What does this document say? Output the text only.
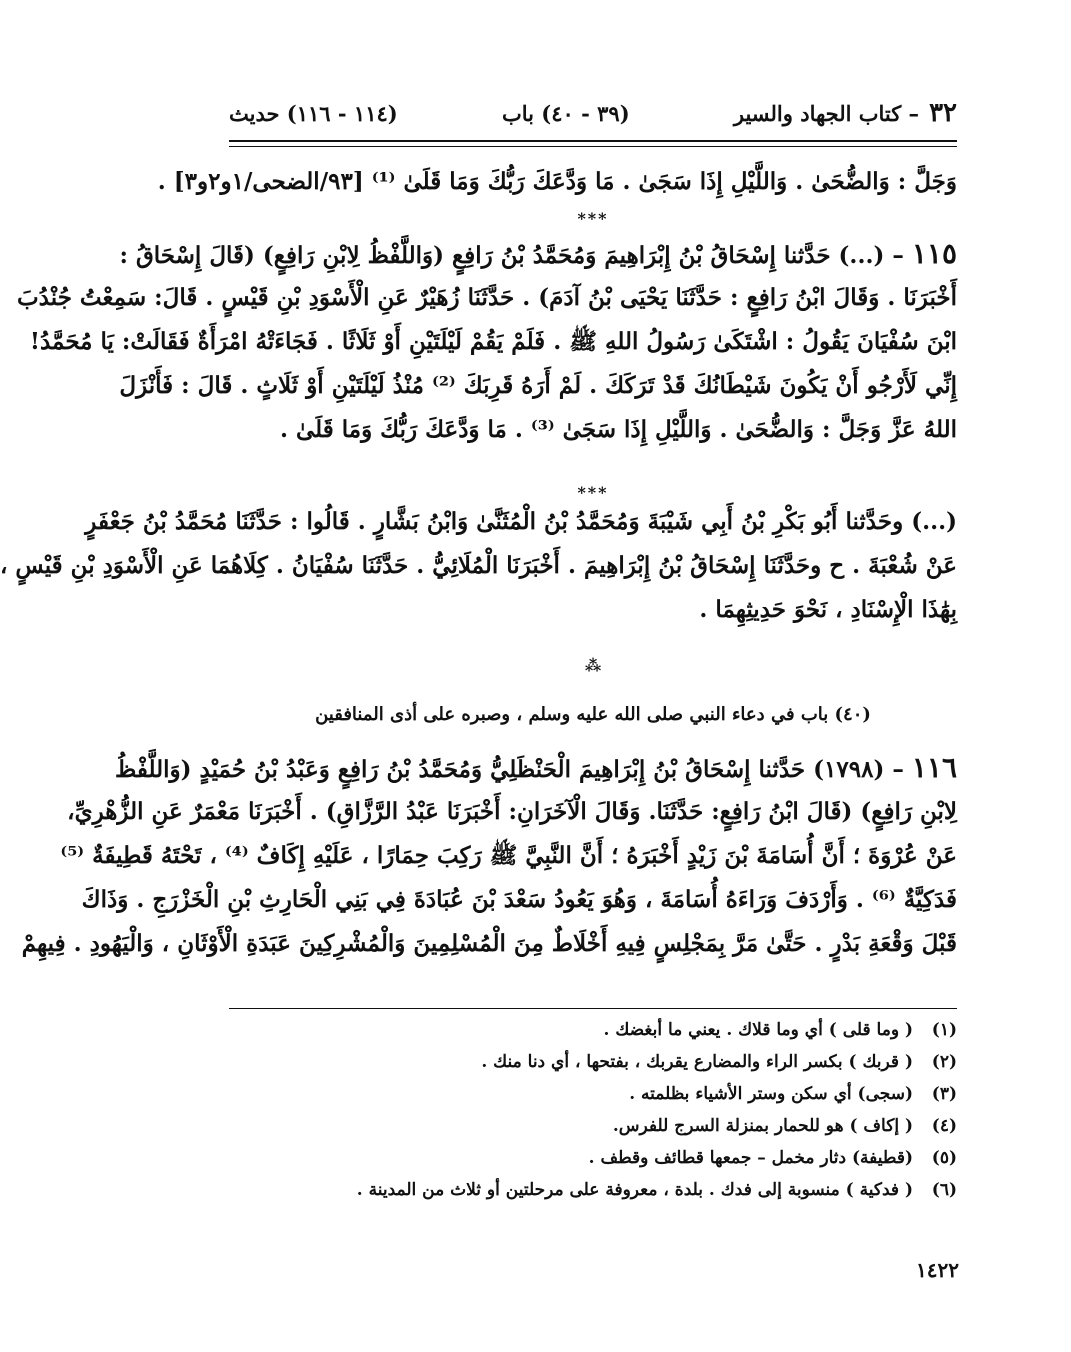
٣٢
– كتاب الجهاد والسير
(٣٩ - ٤٠) باب
(١١٤ - ١١٦) حديث
وَجَلَّ : وَالضُّحَىٰ . وَاللَّيْلِ إِذَا سَجَىٰ . مَا وَدَّعَكَ رَبُّكَ وَمَا قَلَىٰ ⁽¹⁾ [٩٣/الضحى/١و٢و٣] .
***
١١٥ – (...) حَدَّثنا إِسْحَاقُ بْنُ إِبْرَاهِيمَ وَمُحَمَّدُ بْنُ رَافِعٍ (وَاللَّفْظُ لِابْنِ رَافِعٍ) (قَالَ إِسْحَاقُ :
أَخْبَرَنَا . وَقَالَ ابْنُ رَافِعٍ : حَدَّثَنَا يَحْيَى بْنُ آدَمَ) . حَدَّثَنَا زُهَيْرٌ عَنِ الْأَسْوَدِ بْنِ قَيْسٍ . قَالَ: سَمِعْتُ جُنْدُبَ
ابْنَ سُفْيَانَ يَقُولُ : اشْتَكَىٰ رَسُولُ اللهِ ﷺ . فَلَمْ يَقُمْ لَيْلَتَيْنِ أَوْ ثَلَاثًا . فَجَاءَتْهُ امْرَأَةٌ فَقَالَتْ: يَا مُحَمَّدُ!
إِنِّي لَأَرْجُو أَنْ يَكُونَ شَيْطَانُكَ قَدْ تَرَكَكَ . لَمْ أَرَهُ قَرِبَكَ ⁽²⁾ مُنْذُ لَيْلَتَيْنِ أَوْ ثَلَاثٍ . قَالَ : فَأَنْزَلَ
اللهُ عَزَّ وَجَلَّ : وَالضُّحَىٰ . وَاللَّيْلِ إِذَا سَجَىٰ ⁽³⁾ . مَا وَدَّعَكَ رَبُّكَ وَمَا قَلَىٰ .
***
(...) وحَدَّثنا أَبُو بَكْرِ بْنُ أَبِي شَيْبَةَ وَمُحَمَّدُ بْنُ الْمُثَنَّىٰ وَابْنُ بَشَّارٍ . قَالُوا : حَدَّثَنَا مُحَمَّدُ بْنُ جَعْفَرٍ
عَنْ شُعْبَةَ . ح وحَدَّثَنَا إِسْحَاقُ بْنُ إِبْرَاهِيمَ . أَخْبَرَنَا الْمُلَائِيُّ . حَدَّثَنَا سُفْيَانُ . كِلَاهُمَا عَنِ الْأَسْوَدِ بْنِ قَيْسٍ ،
بِهَٰذَا الْإِسْنَادِ ، نَحْوَ حَدِيثِهِمَا .
⁂
(٤٠) باب في دعاء النبي صلى الله عليه وسلم ، وصبره على أذى المنافقين
١١٦ – (١٧٩٨) حَدَّثنا إِسْحَاقُ بْنُ إِبْرَاهِيمَ الْحَنْظَلِيُّ وَمُحَمَّدُ بْنُ رَافِعٍ وَعَبْدُ بْنُ حُمَيْدٍ (وَاللَّفْظُ
لِابْنِ رَافِعٍ) (قَالَ ابْنُ رَافِعٍ: حَدَّثَنَا. وَقَالَ الْآخَرَانِ: أَخْبَرَنَا عَبْدُ الرَّزَّاقِ) . أَخْبَرَنَا مَعْمَرٌ عَنِ الزُّهْرِيِّ،
عَنْ عُرْوَةَ ؛ أَنَّ أُسَامَةَ بْنَ زَيْدٍ أَخْبَرَهُ ؛ أَنَّ النَّبِيَّ ﷺ رَكِبَ حِمَارًا ، عَلَيْهِ إِكَافٌ ⁽⁴⁾ ، تَحْتَهُ قَطِيفَةٌ ⁽⁵⁾
فَدَكِيَّةٌ ⁽⁶⁾ . وَأَرْدَفَ وَرَاءَهُ أُسَامَةَ ، وَهُوَ يَعُودُ سَعْدَ بْنَ عُبَادَةَ فِي بَنِي الْحَارِثِ بْنِ الْخَزْرَجِ . وَذَاكَ
قَبْلَ وَقْعَةِ بَدْرٍ . حَتَّىٰ مَرَّ بِمَجْلِسٍ فِيهِ أَخْلَاطٌ مِنَ الْمُسْلِمِينَ وَالْمُشْرِكِينَ عَبَدَةِ الْأَوْثَانِ ، وَالْيَهُودِ . فِيهِمْ
(١)
( وما قلى ) أي وما قلاك . يعني ما أبغضك .
(٢)
( قربك ) بكسر الراء والمضارع يقربك ، بفتحها ، أي دنا منك .
(٣)
(سجى) أي سكن وستر الأشياء بظلمته .
(٤)
( إكاف ) هو للحمار بمنزلة السرج للفرس.
(٥)
(قطيفة) دثار مخمل – جمعها قطائف وقطف .
(٦)
( فدكية ) منسوبة إلى فدك . بلدة ، معروفة على مرحلتين أو ثلاث من المدينة .
١٤٢٢
